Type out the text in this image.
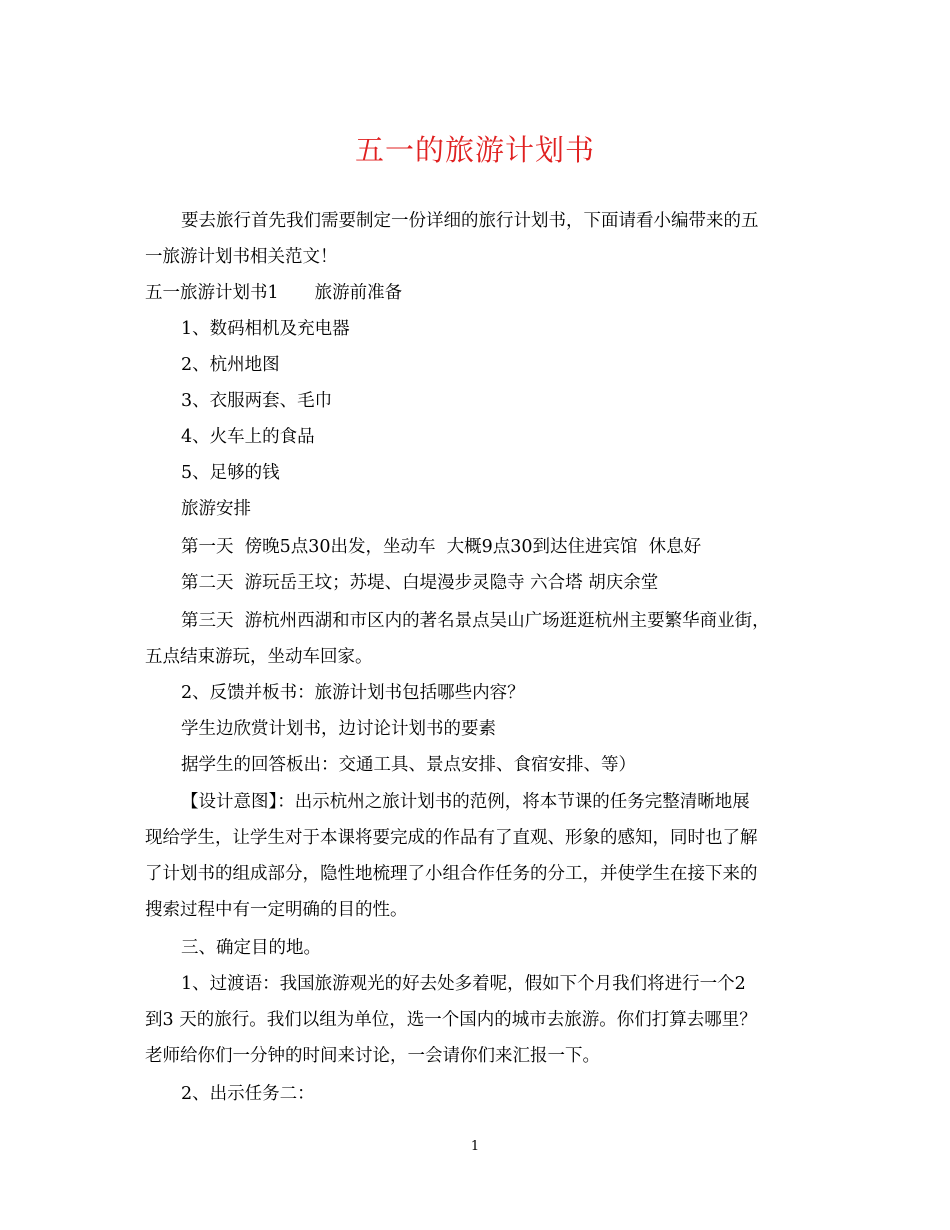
五一的旅游计划书
要去旅行首先我们需要制定一份详细的旅行计划书，下面请看小编带来的五
一旅游计划书相关范文！
五一旅游计划书1 旅游前准备
1、数码相机及充电器
2、杭州地图
3、衣服两套、毛巾
4、火车上的食品
5、足够的钱
旅游安排
第一天  傍晚5点30出发，坐动车  大概9点30到达住进宾馆  休息好
第二天  游玩岳王坟；苏堤、白堤漫步灵隐寺 六合塔 胡庆余堂
第三天  游杭州西湖和市区内的著名景点吴山广场逛逛杭州主要繁华商业街，
五点结束游玩，坐动车回家。
2、反馈并板书：旅游计划书包括哪些内容？
学生边欣赏计划书，边讨论计划书的要素
据学生的回答板出：交通工具、景点安排、食宿安排、等）
【设计意图】：出示杭州之旅计划书的范例，将本节课的任务完整清晰地展
现给学生，让学生对于本课将要完成的作品有了直观、形象的感知，同时也了解
了计划书的组成部分，隐性地梳理了小组合作任务的分工，并使学生在接下来的
搜索过程中有一定明确的目的性。
三、确定目的地。
1、过渡语：我国旅游观光的好去处多着呢，假如下个月我们将进行一个2
到3 天的旅行。我们以组为单位，选一个国内的城市去旅游。你们打算去哪里？
老师给你们一分钟的时间来讨论，一会请你们来汇报一下。
2、出示任务二：
1
